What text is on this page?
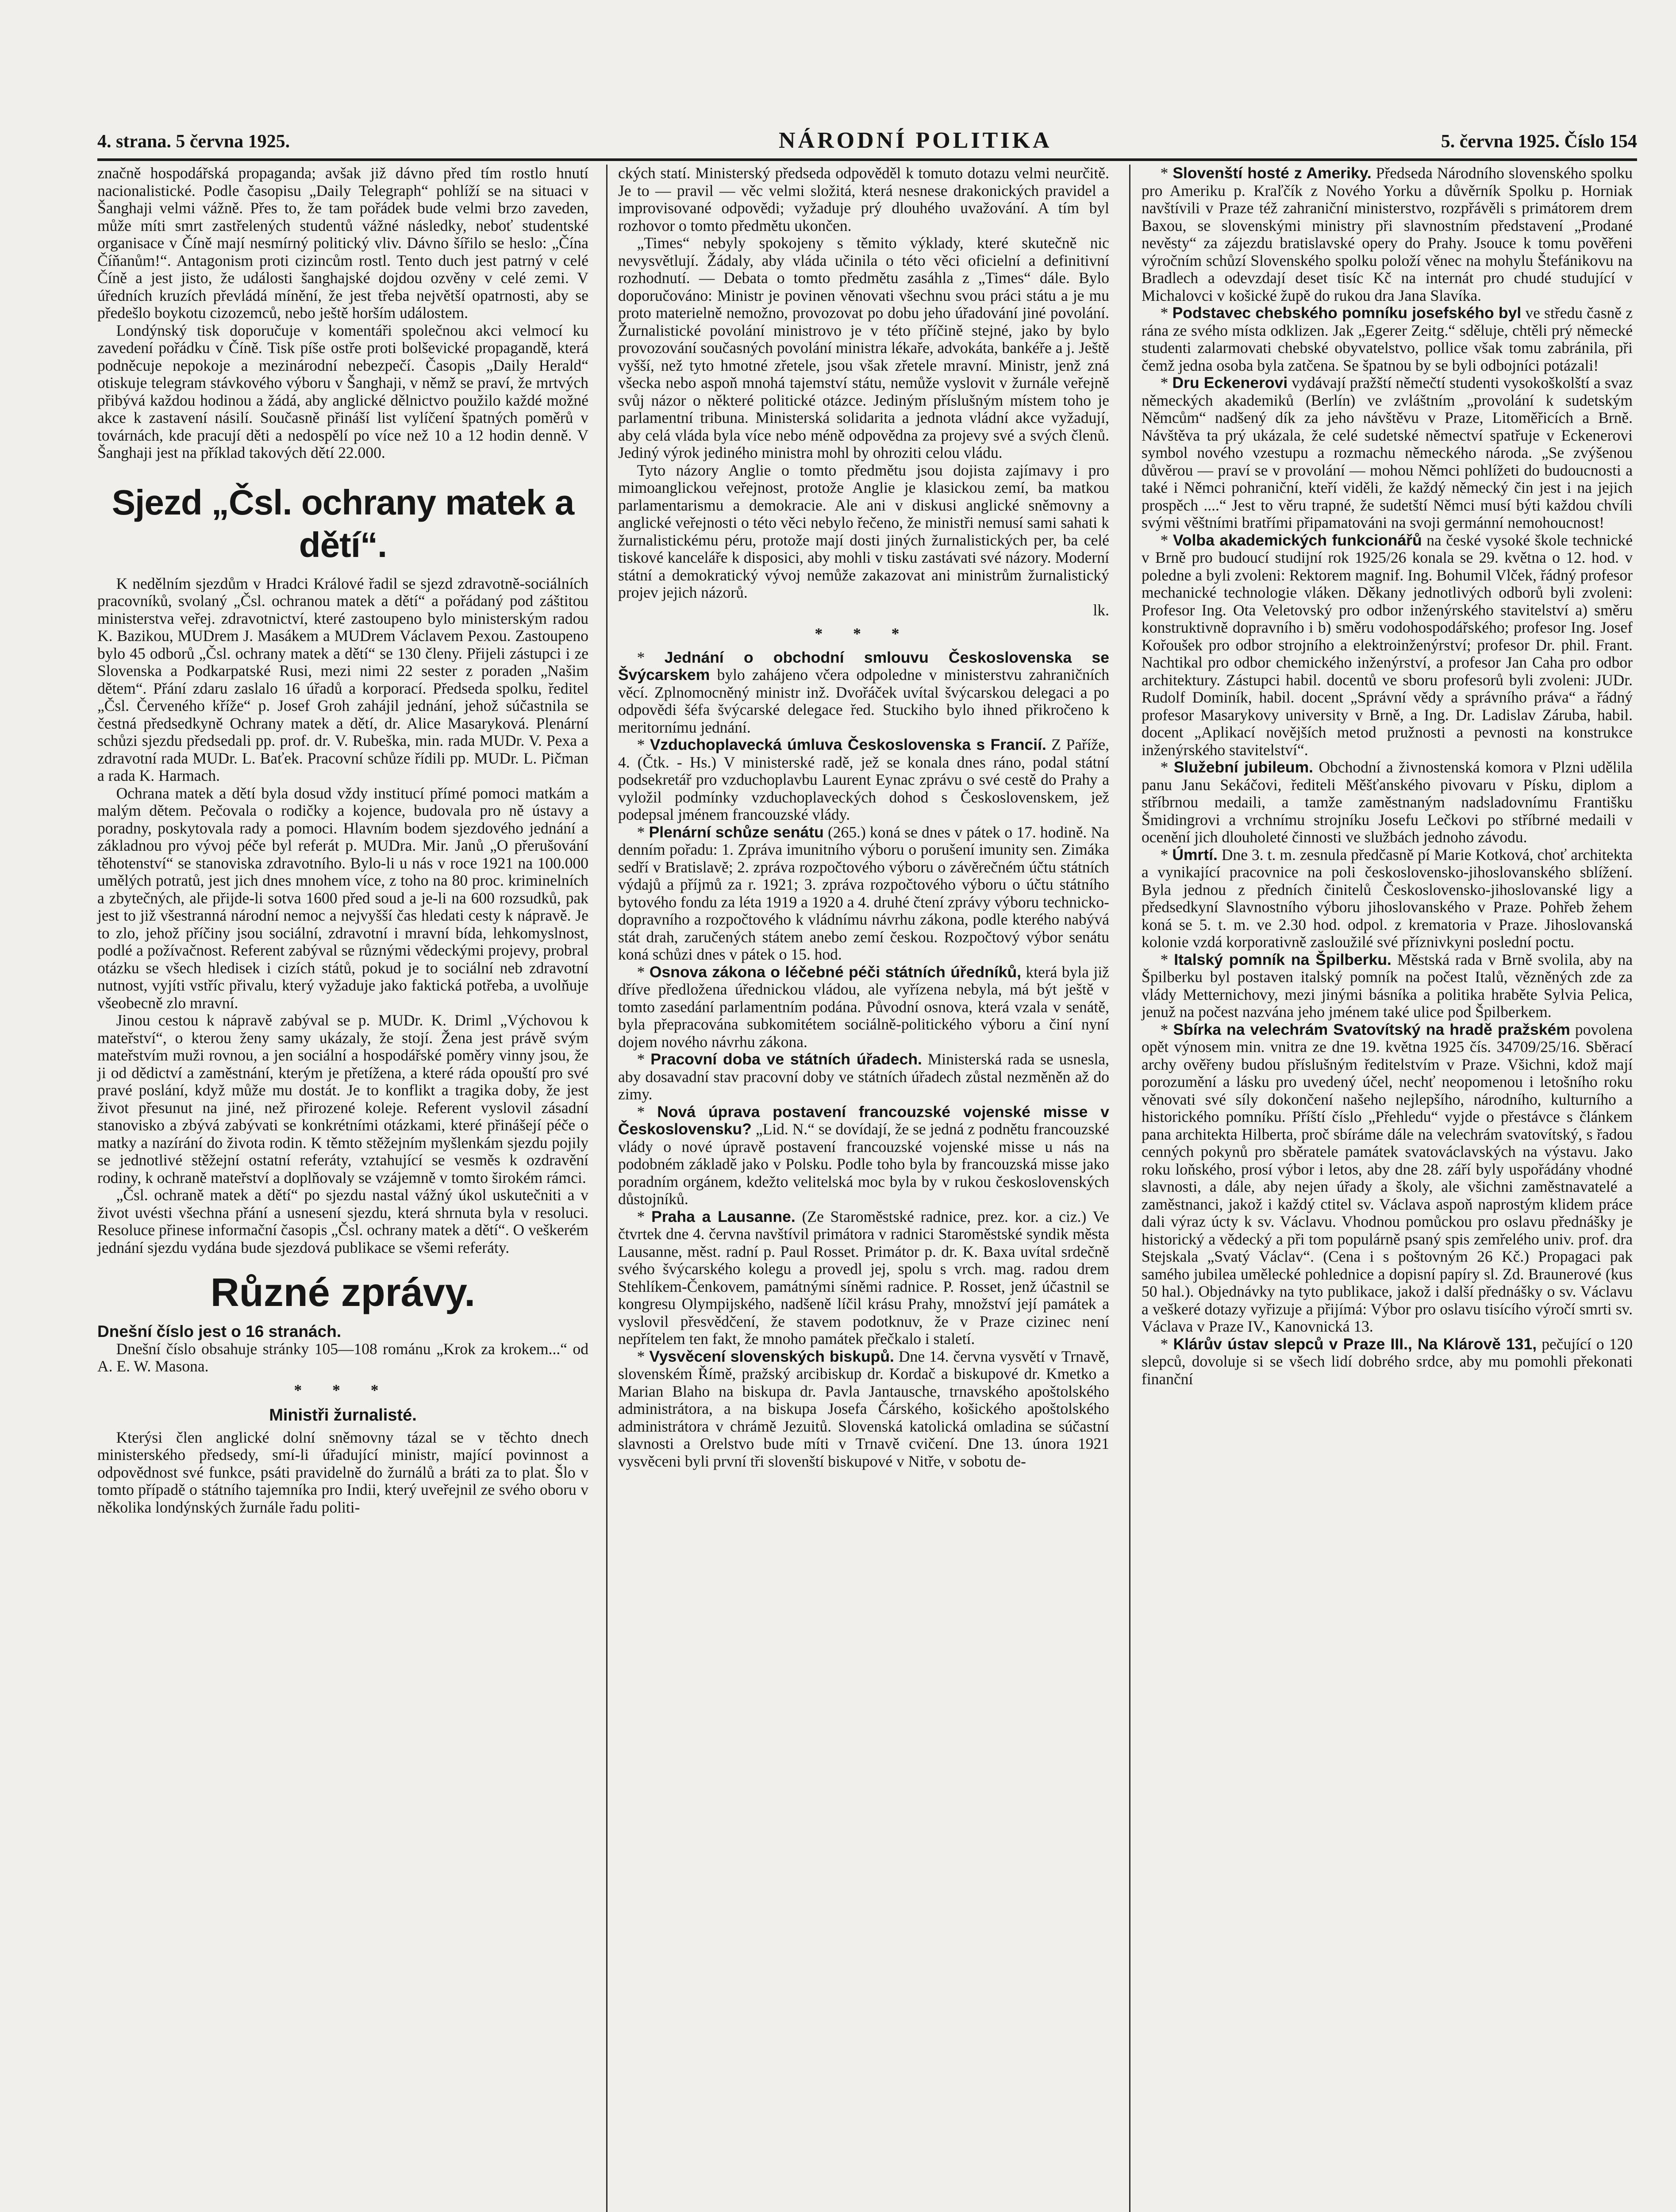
4. strana. 5 června 1925.	NÁRODNÍ POLITIKA	5. června 1925. Číslo 154

značně hospodářská propaganda; avšak již dávno před tím rostlo hnutí nacionalistické. Podle časopisu „Daily Telegraph“ pohlíží se na situaci v Šanghaji velmi vážně. Přes to, že tam pořádek bude velmi brzo zaveden, může míti smrt zastřelených studentů vážné následky, neboť studentské organisace v Číně mají nesmírný politický vliv. Dávno šířilo se heslo: „Čína Číňanům!“. Antagonism proti cizincům rostl. Tento duch jest patrný v celé Číně a jest jisto, že události šanghajské dojdou ozvěny v celé zemi. V úředních kruzích převládá mínění, že jest třeba největší opatrnosti, aby se předešlo boykotu cizozemců, nebo ještě horším událostem.

Londýnský tisk doporučuje v komentáři společnou akci velmocí ku zavedení pořádku v Číně. Tisk píše ostře proti bolševické propagandě, která podněcuje nepokoje a mezinárodní nebezpečí. Časopis „Daily Herald“ otiskuje telegram stávkového výboru v Šanghaji, v němž se praví, že mrtvých přibývá každou hodinou a žádá, aby anglické dělnictvo použilo každé možné akce k zastavení násilí. Současně přináší list vylíčení špatných poměrů v továrnách, kde pracují děti a nedospělí po více než 10 a 12 hodin denně. V Šanghaji jest na příklad takových dětí 22.000.

Sjezd „Čsl. ochrany matek a dětí“.

K nedělním sjezdům v Hradci Králové řadil se sjezd zdravotně-sociálních pracovníků, svolaný „Čsl. ochranou matek a dětí“ a pořádaný pod záštitou ministerstva veřej. zdravotnictví, které zastoupeno bylo ministerským radou K. Bazikou, MUDrem J. Masákem a MUDrem Václavem Pexou. Zastoupeno bylo 45 odborů „Čsl. ochrany matek a dětí“ se 130 členy. Přijeli zástupci i ze Slovenska a Podkarpatské Rusi, mezi nimi 22 sester z poraden „Našim dětem“. Přání zdaru zaslalo 16 úřadů a korporací. Předseda spolku, ředitel „Čsl. Červeného kříže“ p. Josef Groh zahájil jednání, jehož súčastnila se čestná předsedkyně Ochrany matek a dětí, dr. Alice Masaryková. Plenární schůzi sjezdu předsedali pp. prof. dr. V. Rubeška, min. rada MUDr. V. Pexa a zdravotní rada MUDr. L. Baťek. Pracovní schůze řídili pp. MUDr. L. Pičman a rada K. Harmach.

Ochrana matek a dětí byla dosud vždy institucí přímé pomoci matkám a malým dětem. Pečovala o rodičky a kojence, budovala pro ně ústavy a poradny, poskytovala rady a pomoci. Hlavním bodem sjezdového jednání a základnou pro vývoj péče byl referát p. MUDra. Mir. Janů „O přerušování těhotenství“ se stanoviska zdravotního. Bylo-li u nás v roce 1921 na 100.000 umělých potratů, jest jich dnes mnohem více, z toho na 80 proc. kriminelních a zbytečných, ale přijde-li sotva 1600 před soud a je-li na 600 rozsudků, pak jest to již všestranná národní nemoc a nejvyšší čas hledati cesty k nápravě. Je to zlo, jehož příčiny jsou sociální, zdravotní i mravní bída, lehkomyslnost, podlé a požívačnost. Referent zabýval se různými vědeckými projevy, probral otázku se všech hledisek i cizích států, pokud je to sociální neb zdravotní nutnost, vyjíti vstříc přivalu, který vyžaduje jako faktická potřeba, a uvolňuje všeobecně zlo mravní.

Jinou cestou k nápravě zabýval se p. MUDr. K. Driml „Výchovou k mateřství“, o kterou ženy samy ukázaly, že stojí. Žena jest právě svým mateřstvím muži rovnou, a jen sociální a hospodářské poměry vinny jsou, že ji od dědictví a zaměstnání, kterým je přetížena, a které ráda opouští pro své pravé poslání, když může mu dostát. Je to konflikt a tragika doby, že jest život přesunut na jiné, než přirozené koleje. Referent vyslovil zásadní stanovisko a zbývá zabývati se konkrétními otázkami, které přinášejí péče o matky a nazírání do života rodin. K těmto stěžejním myšlenkám sjezdu pojily se jednotlivé stěžejní ostatní referáty, vztahující se vesměs k ozdravění rodiny, k ochraně mateřství a doplňovaly se vzájemně v tomto širokém rámci.

„Čsl. ochraně matek a dětí“ po sjezdu nastal vážný úkol uskutečniti a v život uvésti všechna přání a usnesení sjezdu, která shrnuta byla v resoluci. Resoluce přinese informační časopis „Čsl. ochrany matek a dětí“. O veškerém jednání sjezdu vydána bude sjezdová publikace se všemi referáty.

Různé zprávy.
Dnešní číslo jest o 16 stranách.

Dnešní číslo obsahuje stránky 105—108 románu „Krok za krokem...“ od A. E. W. Masona.

* * *
Ministři žurnalisté.

Kterýsi člen anglické dolní sněmovny tázal se v těchto dnech ministerského předsedy, smí-li úřadující ministr, mající povinnost a odpovědnost své funkce, psáti pravidelně do žurnálů a bráti za to plat. Šlo v tomto případě o státního tajemníka pro Indii, který uveřejnil ze svého oboru v několika londýnských žurnále řadu politi-

ckých statí. Ministerský předseda odpověděl k tomuto dotazu velmi neurčitě. Je to — pravil — věc velmi složitá, která nesnese drakonických pravidel a improvisované odpovědi; vyžaduje prý dlouhého uvažování. A tím byl rozhovor o tomto předmětu ukončen.

„Times“ nebyly spokojeny s těmito výklady, které skutečně nic nevysvětlují. Žádaly, aby vláda učinila o této věci oficielní a definitivní rozhodnutí. — Debata o tomto předmětu zasáhla z „Times“ dále. Bylo doporučováno: Ministr je povinen věnovati všechnu svou práci státu a je mu proto materielně nemožno, provozovat po dobu jeho úřadování jiné povolání. Žurnalistické povolání ministrovo je v této příčině stejné, jako by bylo provozování současných povolání ministra lékaře, advokáta, bankéře a j. Ještě vyšší, než tyto hmotné zřetele, jsou však zřetele mravní. Ministr, jenž zná všecka nebo aspoň mnohá tajemství státu, nemůže vyslovit v žurnále veřejně svůj názor o některé politické otázce. Jediným příslušným místem toho je parlamentní tribuna. Ministerská solidarita a jednota vládní akce vyžadují, aby celá vláda byla více nebo méně odpovědna za projevy své a svých členů. Jediný výrok jediného ministra mohl by ohroziti celou vládu.

Tyto názory Anglie o tomto předmětu jsou dojista zajímavy i pro mimoanglickou veřejnost, protože Anglie je klasickou zemí, ba matkou parlamentarismu a demokracie. Ale ani v diskusi anglické sněmovny a anglické veřejnosti o této věci nebylo řečeno, že ministři nemusí sami sahati k žurnalistickému péru, protože mají dosti jiných žurnalistických per, ba celé tiskové kanceláře k disposici, aby mohli v tisku zastávati své názory. Moderní státní a demokratický vývoj nemůže zakazovat ani ministrům žurnalistický projev jejich názorů.

lk.
* * *

* Jednání o obchodní smlouvu Československa se Švýcarskem bylo zahájeno včera odpoledne v ministerstvu zahraničních věcí. Zplnomocněný ministr inž. Dvořáček uvítal švýcarskou delegaci a po odpovědi šéfa švýcarské delegace řed. Stuckiho bylo ihned přikročeno k meritornímu jednání.

* Vzduchoplavecká úmluva Československa s Francií. Z Paříže, 4. (Čtk. - Hs.) V ministerské radě, jež se konala dnes ráno, podal státní podsekretář pro vzduchoplavbu Laurent Eynac zprávu o své cestě do Prahy a vyložil podmínky vzduchoplaveckých dohod s Československem, jež podepsal jménem francouzské vlády.

* Plenární schůze senátu (265.) koná se dnes v pátek o 17. hodině. Na denním pořadu: 1. Zpráva imunitního výboru o porušení imunity sen. Zimáka sedří v Bratislavě; 2. zpráva rozpočtového výboru o závěrečném účtu státních výdajů a příjmů za r. 1921; 3. zpráva rozpočtového výboru o účtu státního bytového fondu za léta 1919 a 1920 a 4. druhé čtení zprávy výboru technicko-dopravního a rozpočtového k vládnímu návrhu zákona, podle kterého nabývá stát drah, zaručených státem anebo zemí českou. Rozpočtový výbor senátu koná schůzi dnes v pátek o 15. hod.

* Osnova zákona o léčebné péči státních úředníků, která byla již dříve předložena úřednickou vládou, ale vyřízena nebyla, má být ještě v tomto zasedání parlamentním podána. Původní osnova, která vzala v senátě, byla přepracována subkomitétem sociálně-politického výboru a činí nyní dojem nového návrhu zákona.

* Pracovní doba ve státních úřadech. Ministerská rada se usnesla, aby dosavadní stav pracovní doby ve státních úřadech zůstal nezměněn až do zimy.

* Nová úprava postavení francouzské vojenské misse v Československu? „Lid. N.“ se dovídají, že se jedná z podnětu francouzské vlády o nové úpravě postavení francouzské vojenské misse u nás na podobném základě jako v Polsku. Podle toho byla by francouzská misse jako poradním orgánem, kdežto velitelská moc byla by v rukou československých důstojníků.

* Praha a Lausanne. (Ze Staroměstské radnice, prez. kor. a ciz.) Ve čtvrtek dne 4. června navštívil primátora v radnici Staroměstské syndik města Lausanne, měst. radní p. Paul Rosset. Primátor p. dr. K. Baxa uvítal srdečně svého švýcarského kolegu a provedl jej, spolu s vrch. mag. radou drem Stehlíkem-Čenkovem, památnými síněmi radnice. P. Rosset, jenž účastnil se kongresu Olympijského, nadšeně líčil krásu Prahy, množství její památek a vyslovil přesvědčení, že stavem podotknuv, že v Praze cizinec není nepřítelem ten fakt, že mnoho památek přečkalo i staletí.

* Vysvěcení slovenských biskupů. Dne 14. června vysvětí v Trnavě, slovenském Římě, pražský arcibiskup dr. Kordač a biskupové dr. Kmetko a Marian Blaho na biskupa dr. Pavla Jantausche, trnavského apoštolského administrátora, a na biskupa Josefa Čárského, košického apoštolského administrátora v chrámě Jezuitů. Slovenská katolická omladina se súčastní slavnosti a Orelstvo bude míti v Trnavě cvičení. Dne 13. února 1921 vysvěceni byli první tři slovenští biskupové v Nitře, v sobotu de-

* Slovenští hosté z Ameriky. Předseda Národního slovenského spolku pro Ameriku p. Kraľčík z Nového Yorku a důvěrník Spolku p. Horniak navštívili v Praze též zahraniční ministerstvo, rozpřávěli s primátorem drem Baxou, se slovenskými ministry při slavnostním představení „Prodané nevěsty“ za zájezdu bratislavské opery do Prahy. Jsouce k tomu pověřeni výročním schůzí Slovenského spolku položí věnec na mohylu Štefánikovu na Bradlech a odevzdají deset tisíc Kč na internát pro chudé studující v Michalovci v košické župě do rukou dra Jana Slavíka.

* Podstavec chebského pomníku josefského byl ve středu časně z rána ze svého místa odklizen. Jak „Egerer Zeitg.“ sděluje, chtěli prý německé studenti zalarmovati chebské obyvatelstvo, pollice však tomu zabránila, při čemž jedna osoba byla zatčena. Se špatnou by se byli odbojníci potázali!

* Dru Eckenerovi vydávají pražští němečtí studenti vysokoškolští a svaz německých akademiků (Berlín) ve zvláštním „provolání k sudetským Němcům“ nadšený dík za jeho návštěvu v Praze, Litoměřicích a Brně. Návštěva ta prý ukázala, že celé sudetské němectví spatřuje v Eckenerovi symbol nového vzestupu a rozmachu německého národa. „Se zvýšenou důvěrou — praví se v provolání — mohou Němci pohlížeti do budoucnosti a také i Němci pohraniční, kteří viděli, že každý německý čin jest i na jejich prospěch ....“ Jest to věru trapné, že sudetští Němci musí býti každou chvíli svými věštními bratřími připamatováni na svoji germánní nemohoucnost!

* Volba akademických funkcionářů na české vysoké škole technické v Brně pro budoucí studijní rok 1925/26 konala se 29. května o 12. hod. v poledne a byli zvoleni: Rektorem magnif. Ing. Bohumil Vlček, řádný profesor mechanické technologie vláken. Děkany jednotlivých odborů byli zvoleni: Profesor Ing. Ota Veletovský pro odbor inženýrského stavitelství a) směru konstruktivně dopravního i b) směru vodohospodářského; profesor Ing. Josef Kořoušek pro odbor strojního a elektroinženýrství; profesor Dr. phil. Frant. Nachtikal pro odbor chemického inženýrství, a profesor Jan Caha pro odbor architektury. Zástupci habil. docentů ve sboru profesorů byli zvoleni: JUDr. Rudolf Dominík, habil. docent „Správní vědy a správního práva“ a řádný profesor Masarykovy university v Brně, a Ing. Dr. Ladislav Záruba, habil. docent „Aplikací novějších metod pružnosti a pevnosti na konstrukce inženýrského stavitelství“.

* Služební jubileum. Obchodní a živnostenská komora v Plzni udělila panu Janu Sekáčovi, řediteli Měšťanského pivovaru v Písku, diplom a stříbrnou medaili, a tamže zaměstnaným nadsladovnímu Františku Šmidingrovi a vrchnímu strojníku Josefu Lečkovi po stříbrné medaili v ocenění jich dlouholeté činnosti ve službách jednoho závodu.

* Úmrtí. Dne 3. t. m. zesnula předčasně pí Marie Kotková, choť architekta a vynikající pracovnice na poli československo-jihoslovanského sblížení. Byla jednou z předních činitelů Československo-jihoslovanské ligy a předsedkyní Slavnostního výboru jihoslovanského v Praze. Pohřeb žehem koná se 5. t. m. ve 2.30 hod. odpol. z krematoria v Praze. Jihoslovanská kolonie vzdá korporativně zasloužilé své příznivkyni poslední poctu.

* Italský pomník na Špilberku. Městská rada v Brně svolila, aby na Špilberku byl postaven italský pomník na počest Italů, vězněných zde za vlády Metternichovy, mezi jinými básníka a politika hraběte Sylvia Pelica, jenuž na počest nazvána jeho jménem také ulice pod Špilberkem.

* Sbírka na velechrám Svatovítský na hradě pražském povolena opět výnosem min. vnitra ze dne 19. května 1925 čís. 34709/25/16. Sběrací archy ověřeny budou příslušným ředitelstvím v Praze. Všichni, kdož mají porozumění a lásku pro uvedený účel, nechť neopomenou i letošního roku věnovati své síly dokončení našeho nejlepšího, národního, kulturního a historického pomníku. Příští číslo „Přehledu“ vyjde o přestávce s článkem pana architekta Hilberta, proč sbíráme dále na velechrám svatovítský, s řadou cenných pokynů pro sběratele památek svatováclavských na výstavu. Jako roku loňského, prosí výbor i letos, aby dne 28. září byly uspořádány vhodné slavnosti, a dále, aby nejen úřady a školy, ale všichni zaměstnavatelé a zaměstnanci, jakož i každý ctitel sv. Václava aspoň naprostým klidem práce dali výraz úcty k sv. Václavu. Vhodnou pomůckou pro oslavu přednášky je historický a vědecký a při tom populárně psaný spis zemřelého univ. prof. dra Stejskala „Svatý Václav“. (Cena i s poštovným 26 Kč.) Propagaci pak samého jubilea umělecké pohlednice a dopisní papíry sl. Zd. Braunerové (kus 50 hal.). Objednávky na tyto publikace, jakož i další přednášky o sv. Václavu a veškeré dotazy vyřizuje a přijímá: Výbor pro oslavu tisícího výročí smrti sv. Václava v Praze IV., Kanovnická 13.

* Klárův ústav slepců v Praze III., Na Klárově 131, pečující o 120 slepců, dovoluje si se všech lidí dobrého srdce, aby mu pomohli překonati finanční
